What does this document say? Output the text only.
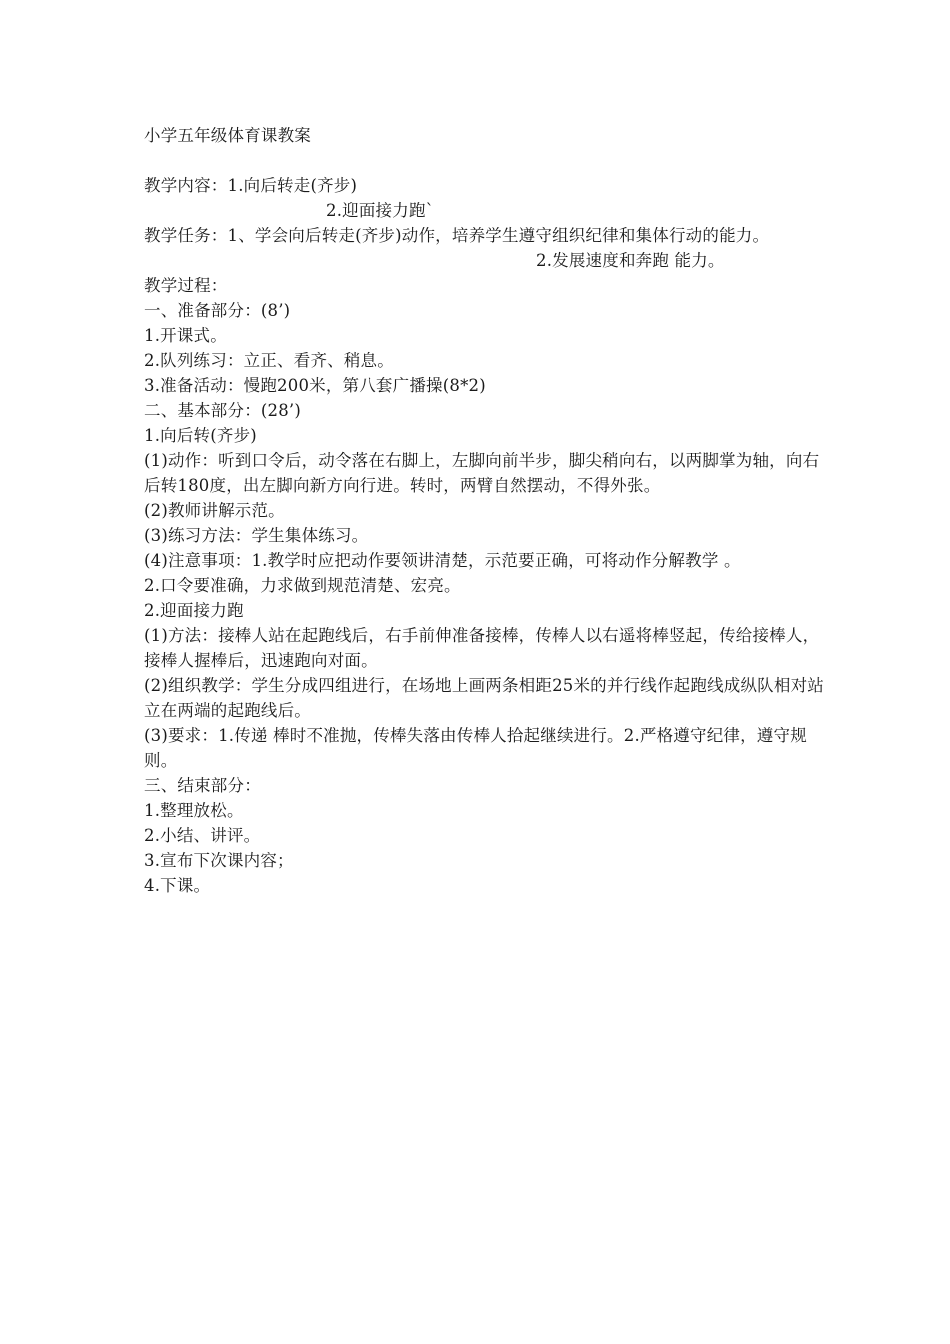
小学五年级体育课教案
教学内容：1.向后转走(齐步)
2.迎面接力跑`
教学任务：1、学会向后转走(齐步)动作，培养学生遵守组织纪律和集体行动的能力。
2.发展速度和奔跑 能力。
教学过程：
一、准备部分：(8’)
1.开课式。
2.队列练习：立正、看齐、稍息。
3.准备活动：慢跑200米，第八套广播操(8*2)
二、基本部分：(28’)
1.向后转(齐步)
(1)动作：听到口令后，动令落在右脚上，左脚向前半步，脚尖稍向右，以两脚掌为轴，向右后转180度，出左脚向新方向行进。转时，两臂自然摆动，不得外张。
(2)教师讲解示范。
(3)练习方法：学生集体练习。
(4)注意事项：1.教学时应把动作要领讲清楚，示范要正确，可将动作分解教学 。
2.口令要准确，力求做到规范清楚、宏亮。
2.迎面接力跑
(1)方法：接棒人站在起跑线后，右手前伸准备接棒，传棒人以右遥将棒竖起，传给接棒人，接棒人握棒后，迅速跑向对面。
(2)组织教学：学生分成四组进行，在场地上画两条相距25米的并行线作起跑线成纵队相对站立在两端的起跑线后。
(3)要求：1.传递 棒时不准抛，传棒失落由传棒人拾起继续进行。2.严格遵守纪律，遵守规则。
三、结束部分：
1.整理放松。
2.小结、讲评。
3.宣布下次课内容；
4.下课。
